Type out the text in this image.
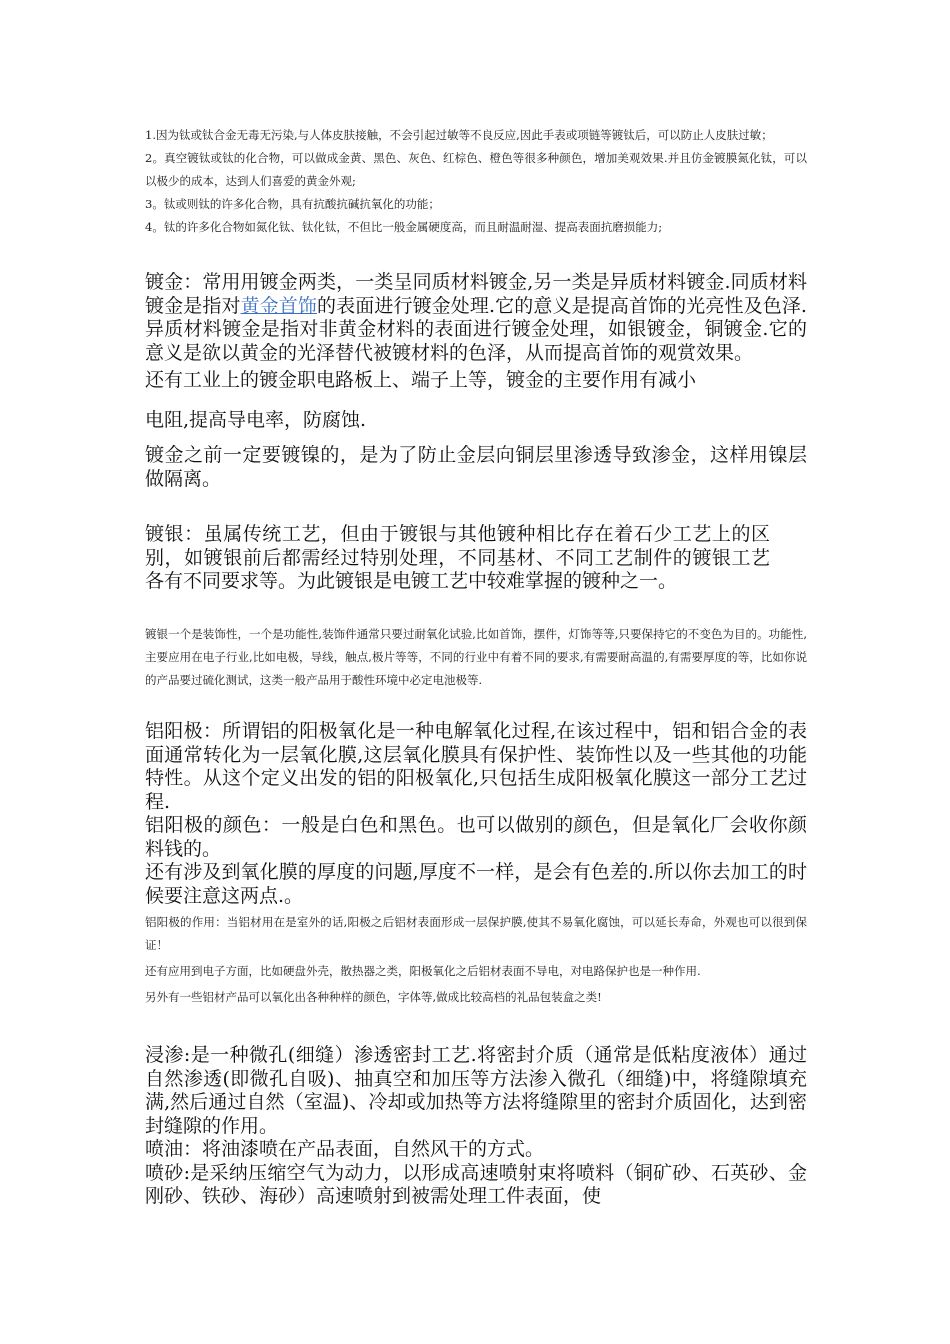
1.因为钛或钛合金无毒无污染,与人体皮肤接触，不会引起过敏等不良反应,因此手表或项链等镀钛后，可以防止人皮肤过敏；

2。真空镀钛或钛的化合物，可以做成金黄、黑色、灰色、红棕色、橙色等很多种颜色，增加美观效果.并且仿金镀膜氮化钛，可以以极少的成本，达到人们喜爱的黄金外观;

3。钛或则钛的许多化合物，具有抗酸抗碱抗氧化的功能；

4。钛的许多化合物如氮化钛、钛化钛，不但比一般金属硬度高，而且耐温耐湿、提高表面抗磨损能力;

镀金：常用用镀金两类，一类呈同质材料镀金,另一类是异质材料镀金.同质材料镀金是指对黄金首饰的表面进行镀金处理.它的意义是提高首饰的光亮性及色泽.异质材料镀金是指对非黄金材料的表面进行镀金处理，如银镀金，铜镀金.它的意义是欲以黄金的光泽替代被镀材料的色泽，从而提高首饰的观赏效果。

还有工业上的镀金职电路板上、端子上等，镀金的主要作用有减小

电阻,提高导电率，防腐蚀.

镀金之前一定要镀镍的，是为了防止金层向铜层里渗透导致渗金，这样用镍层做隔离。

镀银：虽属传统工艺，但由于镀银与其他镀种相比存在着石少工艺上的区别，如镀银前后都需经过特别处理，不同基材、不同工艺制件的镀银工艺各有不同要求等。为此镀银是电镀工艺中较难掌握的镀种之一。

镀银一个是装饰性，一个是功能性,装饰件通常只要过耐氧化试验,比如首饰，摆件，灯饰等等,只要保持它的不变色为目的。功能性,主要应用在电子行业,比如电极，导线，触点,极片等等，不同的行业中有着不同的要求,有需要耐高温的,有需要厚度的等，比如你说的产品要过硫化测试，这类一般产品用于酸性环境中必定电池极等.

铝阳极：所谓铝的阳极氧化是一种电解氧化过程,在该过程中，铝和铝合金的表面通常转化为一层氧化膜,这层氧化膜具有保护性、装饰性以及一些其他的功能特性。从这个定义出发的铝的阳极氧化,只包括生成阳极氧化膜这一部分工艺过程.

铝阳极的颜色：一般是白色和黑色。也可以做别的颜色，但是氧化厂会收你颜料钱的。

还有涉及到氧化膜的厚度的问题,厚度不一样，是会有色差的.所以你去加工的时候要注意这两点.。

铝阳极的作用：当铝材用在是室外的话,阳极之后铝材表面形成一层保护膜,使其不易氧化腐蚀，可以延长寿命，外观也可以很到保证！

还有应用到电子方面，比如硬盘外壳，散热器之类，阳极氧化之后铝材表面不导电，对电路保护也是一种作用.

另外有一些铝材产品可以氧化出各种种样的颜色，字体等,做成比较高档的礼品包装盒之类!

浸渗:是一种微孔(细缝）渗透密封工艺.将密封介质（通常是低粘度液体）通过自然渗透(即微孔自吸)、抽真空和加压等方法渗入微孔（细缝)中，将缝隙填充满,然后通过自然（室温)、冷却或加热等方法将缝隙里的密封介质固化，达到密封缝隙的作用。

喷油：将油漆喷在产品表面，自然风干的方式。

喷砂:是采纳压缩空气为动力，以形成高速喷射束将喷料（铜矿砂、石英砂、金刚砂、铁砂、海砂）高速喷射到被需处理工件表面，使
